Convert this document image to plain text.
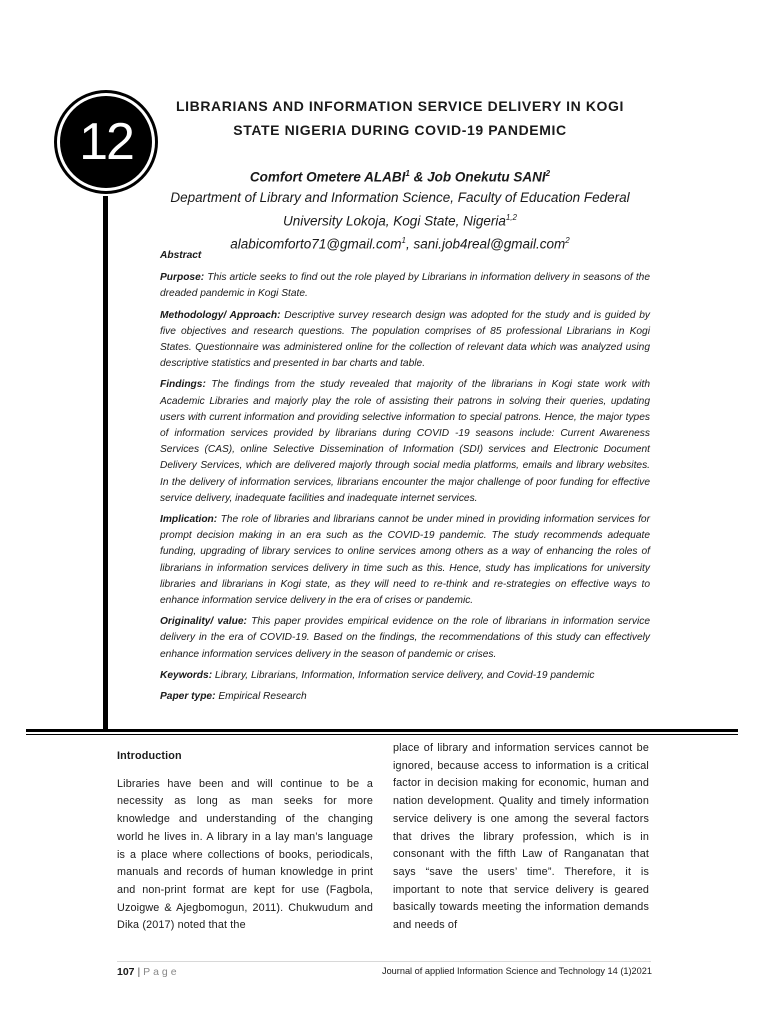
12
LIBRARIANS AND INFORMATION SERVICE DELIVERY IN KOGI
STATE NIGERIA DURING COVID-19 PANDEMIC
Comfort Ometere ALABI$^1$ & Job Onekutu SANI$^2$
Department of Library and Information Science, Faculty of Education Federal
University Lokoja, Kogi State, Nigeria$^{1,2}$
alabicomforto71@gmail.com$^1$, sani.job4real@gmail.com$^2$
Abstract

Purpose: This article seeks to find out the role played by Librarians in information delivery in seasons of the dreaded pandemic in Kogi State.

Methodology/ Approach: Descriptive survey research design was adopted for the study and is guided by five objectives and research questions. The population comprises of 85 professional Librarians in Kogi States. Questionnaire was administered online for the collection of relevant data which was analyzed using descriptive statistics and presented in bar charts and table.

Findings: The findings from the study revealed that majority of the librarians in Kogi state work with Academic Libraries and majorly play the role of assisting their patrons in solving their queries, updating users with current information and providing selective information to special patrons. Hence, the major types of information services provided by librarians during COVID -19 seasons include: Current Awareness Services (CAS), online Selective Dissemination of Information (SDI) services and Electronic Document Delivery Services, which are delivered majorly through social media platforms, emails and library websites. In the delivery of information services, librarians encounter the major challenge of poor funding for effective service delivery, inadequate facilities and inadequate internet services.

Implication: The role of libraries and librarians cannot be under mined in providing information services for prompt decision making in an era such as the COVID-19 pandemic. The study recommends adequate funding, upgrading of library services to online services among others as a way of enhancing the roles of librarians in information services delivery in time such as this. Hence, study has implications for university libraries and librarians in Kogi state, as they will need to re-think and re-strategies on effective ways to enhance information service delivery in the era of crises or pandemic.

Originality/ value: This paper provides empirical evidence on the role of librarians in information service delivery in the era of COVID-19. Based on the findings, the recommendations of this study can effectively enhance information services delivery in the season of pandemic or crises.

Keywords: Library, Librarians, Information, Information service delivery, and Covid-19 pandemic

Paper type: Empirical Research

Introduction

Libraries have been and will continue to be a necessity as long as man seeks for more knowledge and understanding of the changing world he lives in. A library in a lay man’s language is a place where collections of books, periodicals, manuals and records of human knowledge in print and non-print format are kept for use (Fagbola, Uzoigwe & Ajegbomogun, 2011). Chukwudum and Dika (2017) noted that the

place of library and information services cannot be ignored, because access to information is a critical factor in decision making for economic, human and nation development. Quality and timely information service delivery is one among the several factors that drives the library profession, which is in consonant with the fifth Law of Ranganatan that says “save the users’ time”. Therefore, it is important to note that service delivery is geared basically towards meeting the information demands and needs of

107 | Page	Journal of applied Information Science and Technology 14 (1)2021
